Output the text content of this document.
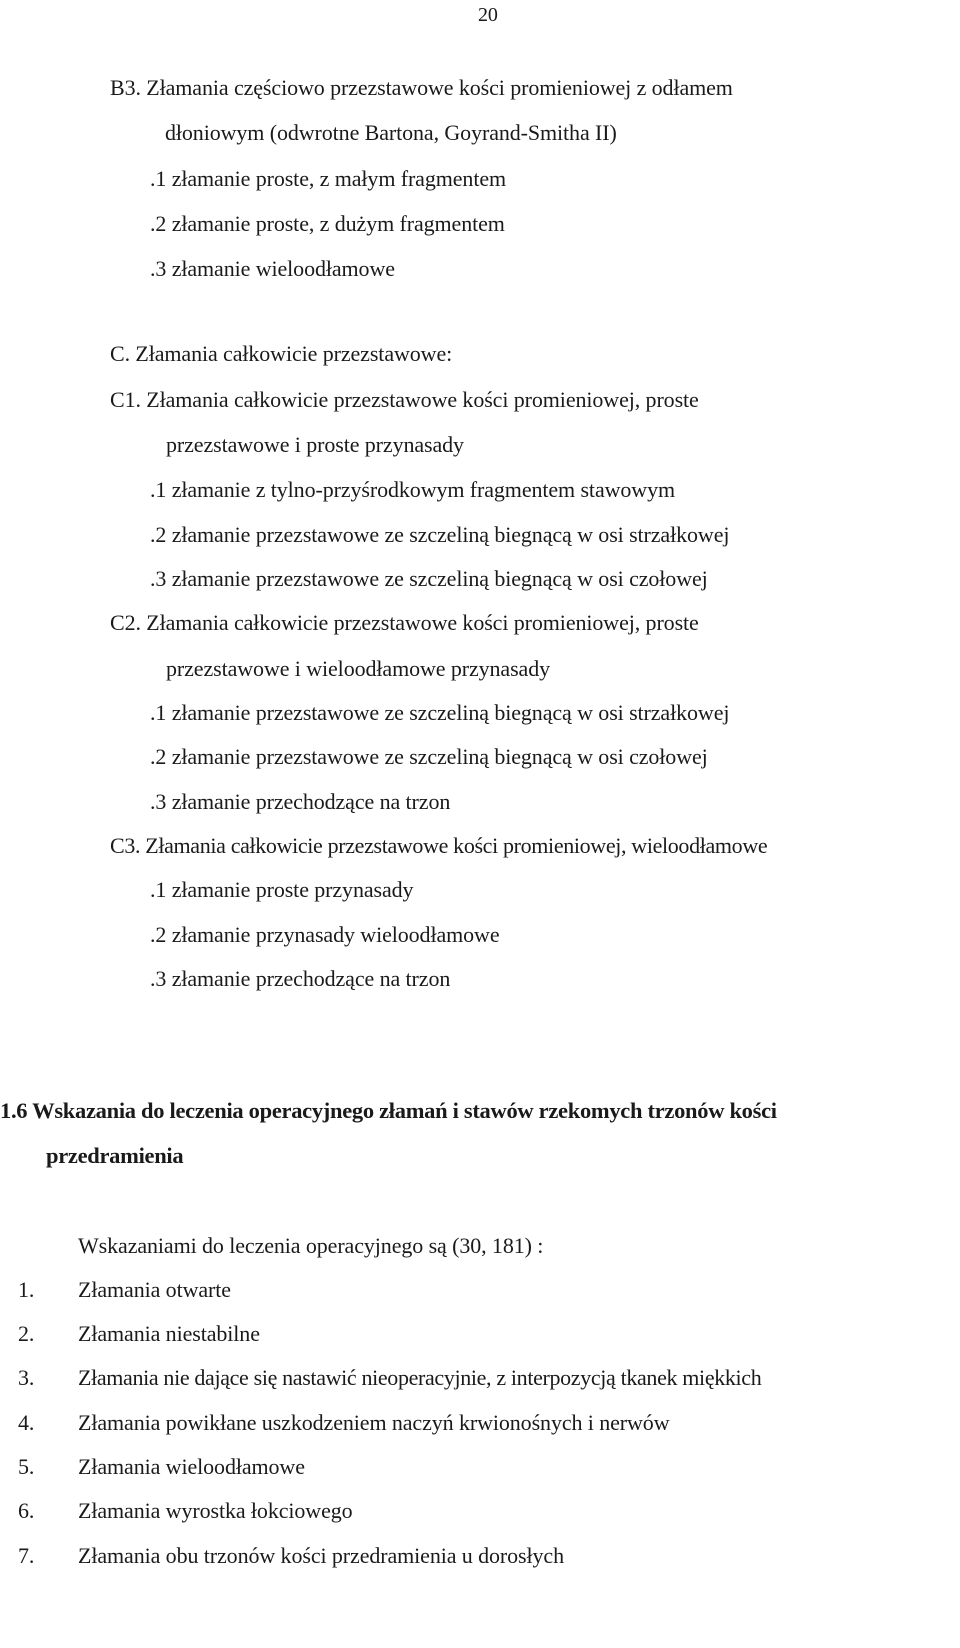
20
B3. Złamania częściowo przezstawowe kości promieniowej z odłamem
dłoniowym (odwrotne Bartona, Goyrand-Smitha II)
.1 złamanie proste, z małym fragmentem
.2 złamanie proste, z dużym fragmentem
.3 złamanie wieloodłamowe
C. Złamania całkowicie przezstawowe:
C1. Złamania całkowicie przezstawowe kości promieniowej, proste
przezstawowe i proste przynasady
.1 złamanie z tylno-przyśrodkowym fragmentem stawowym
.2 złamanie przezstawowe ze szczeliną biegnącą w osi strzałkowej
.3 złamanie przezstawowe ze szczeliną biegnącą w osi czołowej
C2. Złamania całkowicie przezstawowe kości promieniowej, proste
przezstawowe i wieloodłamowe przynasady
.1 złamanie przezstawowe ze szczeliną biegnącą w osi strzałkowej
.2 złamanie przezstawowe ze szczeliną biegnącą w osi czołowej
.3 złamanie przechodzące na trzon
C3. Złamania całkowicie przezstawowe kości promieniowej, wieloodłamowe
.1 złamanie proste przynasady
.2 złamanie przynasady wieloodłamowe
.3 złamanie przechodzące na trzon
1.6 Wskazania do leczenia operacyjnego złamań i stawów rzekomych trzonów kości
przedramienia
Wskazaniami do leczenia operacyjnego są (30, 181) :
1. Złamania otwarte
2. Złamania niestabilne
3. Złamania nie dające się nastawić nieoperacyjnie, z interpozycją tkanek miękkich
4. Złamania powikłane uszkodzeniem naczyń krwionośnych i nerwów
5. Złamania wieloodłamowe
6. Złamania wyrostka łokciowego
7. Złamania obu trzonów kości przedramienia u dorosłych
